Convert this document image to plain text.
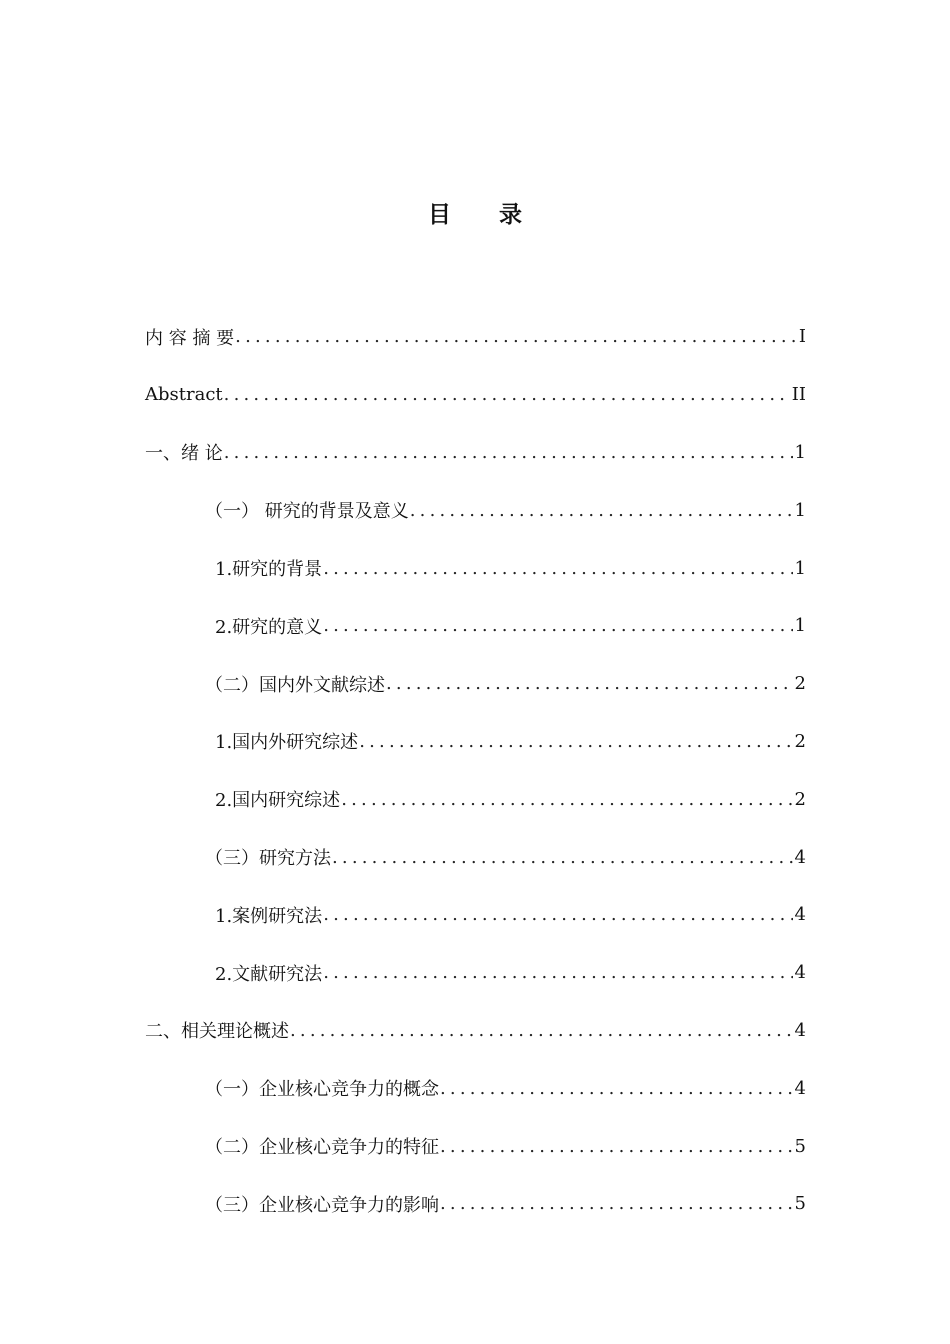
目 录
内 容 摘 要 .....	I
Abstract .....	II
一、绪 论 .....	1
（一） 研究的背景及意义 .....	1
1.研究的背景 .....	1
2.研究的意义 .....	1
（二）国内外文献综述 .....	2
1.国内外研究综述 .....	2
2.国内研究综述 .....	2
（三）研究方法 .....	4
1.案例研究法 .....	4
2.文献研究法 .....	4
二、相关理论概述 .....	4
（一）企业核心竞争力的概念 .....	4
（二）企业核心竞争力的特征 .....	5
（三）企业核心竞争力的影响 .....	5
